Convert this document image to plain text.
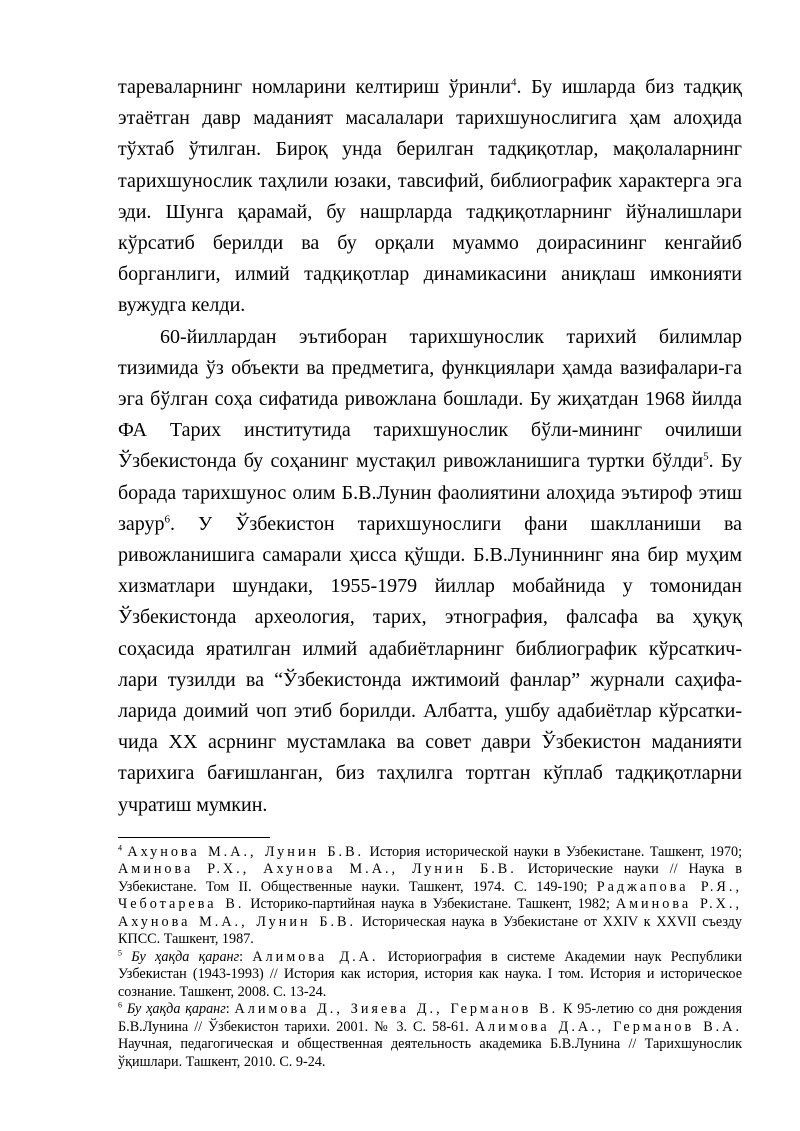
тареваларнинг номларини келтириш ўринли$^4$. Бу ишларда биз тадқиқ этаётган давр маданият масалалари тарихшунослигига ҳам алоҳида тўхтаб ўтилган. Бироқ унда берилган тадқиқотлар, мақолаларнинг тарихшунослик таҳлили юзаки, тавсифий, библиографик характерга эга эди. Шунга қарамай, бу нашрларда тадқиқотларнинг йўналишлари кўрсатиб берилди ва бу орқали муаммо доирасининг кенгайиб борганлиги, илмий тадқиқотлар динамикасини аниқлаш имконияти вужудга келди.

60-йиллардан эътиборан тарихшунослик тарихий билимлар тизимида ўз объекти ва предметига, функциялари ҳамда вазифалари-га эга бўлган соҳа сифатида ривожлана бошлади. Бу жиҳатдан 1968 йилда ФА Тарих институтида тарихшунослик бўли-мининг очилиши Ўзбекистонда бу соҳанинг мустақил ривожланишига туртки бўлди$^5$. Бу борада тарихшунос олим Б.В.Лунин фаолиятини алоҳида эътироф этиш зарур$^6$. У Ўзбекистон тарихшунослиги фани шаклланиши ва ривожланишига самарали ҳисса қўшди. Б.В.Луниннинг яна бир муҳим хизматлари шундаки, 1955-1979 йиллар мобайнида у томонидан Ўзбекистонда археология, тарих, этнография, фалсафа ва ҳуқуқ соҳасида яратилган илмий адабиётларнинг библиографик кўрсаткич-лари тузилди ва “Ўзбекистонда ижтимоий фанлар” журнали саҳифа-ларида доимий чоп этиб борилди. Албатта, ушбу адабиётлар кўрсатки-чида XX асрнинг мустамлака ва совет даври Ўзбекистон маданияти тарихига бағишланган, биз таҳлилга тортган кўплаб тадқиқотларни учратиш мумкин.

$^4$ Ахунова М.А., Лунин Б.В. История исторической науки в Узбекистане. Ташкент, 1970; Аминова Р.Х., Ахунова М.А., Лунин Б.В. Исторические науки // Наука в Узбекистане. Том II. Общественные науки. Ташкент, 1974. С. 149-190; Раджапова Р.Я., Чеботарева В. Историко-партийная наука в Узбекистане. Ташкент, 1982; Аминова Р.Х., Ахунова М.А., Лунин Б.В. Историческая наука в Узбекистане от XXIV к XXVII съезду КПСС. Ташкент, 1987.

$^5$ Бу ҳақда қаранг: Алимова Д.А. Историография в системе Академии наук Республики Узбекистан (1943-1993) // История как история, история как наука. I том. История и историческое сознание. Ташкент, 2008. С. 13-24.

$^6$ Бу ҳақда қаранг: Алимова Д., Зияева Д., Германов В. К 95-летию со дня рождения Б.В.Лунина // Ўзбекистон тарихи. 2001. № 3. С. 58-61. Алимова Д.А., Германов В.А. Научная, педагогическая и общественная деятельность академика Б.В.Лунина // Тарихшунослик ўқишлари. Ташкент, 2010. С. 9-24.
